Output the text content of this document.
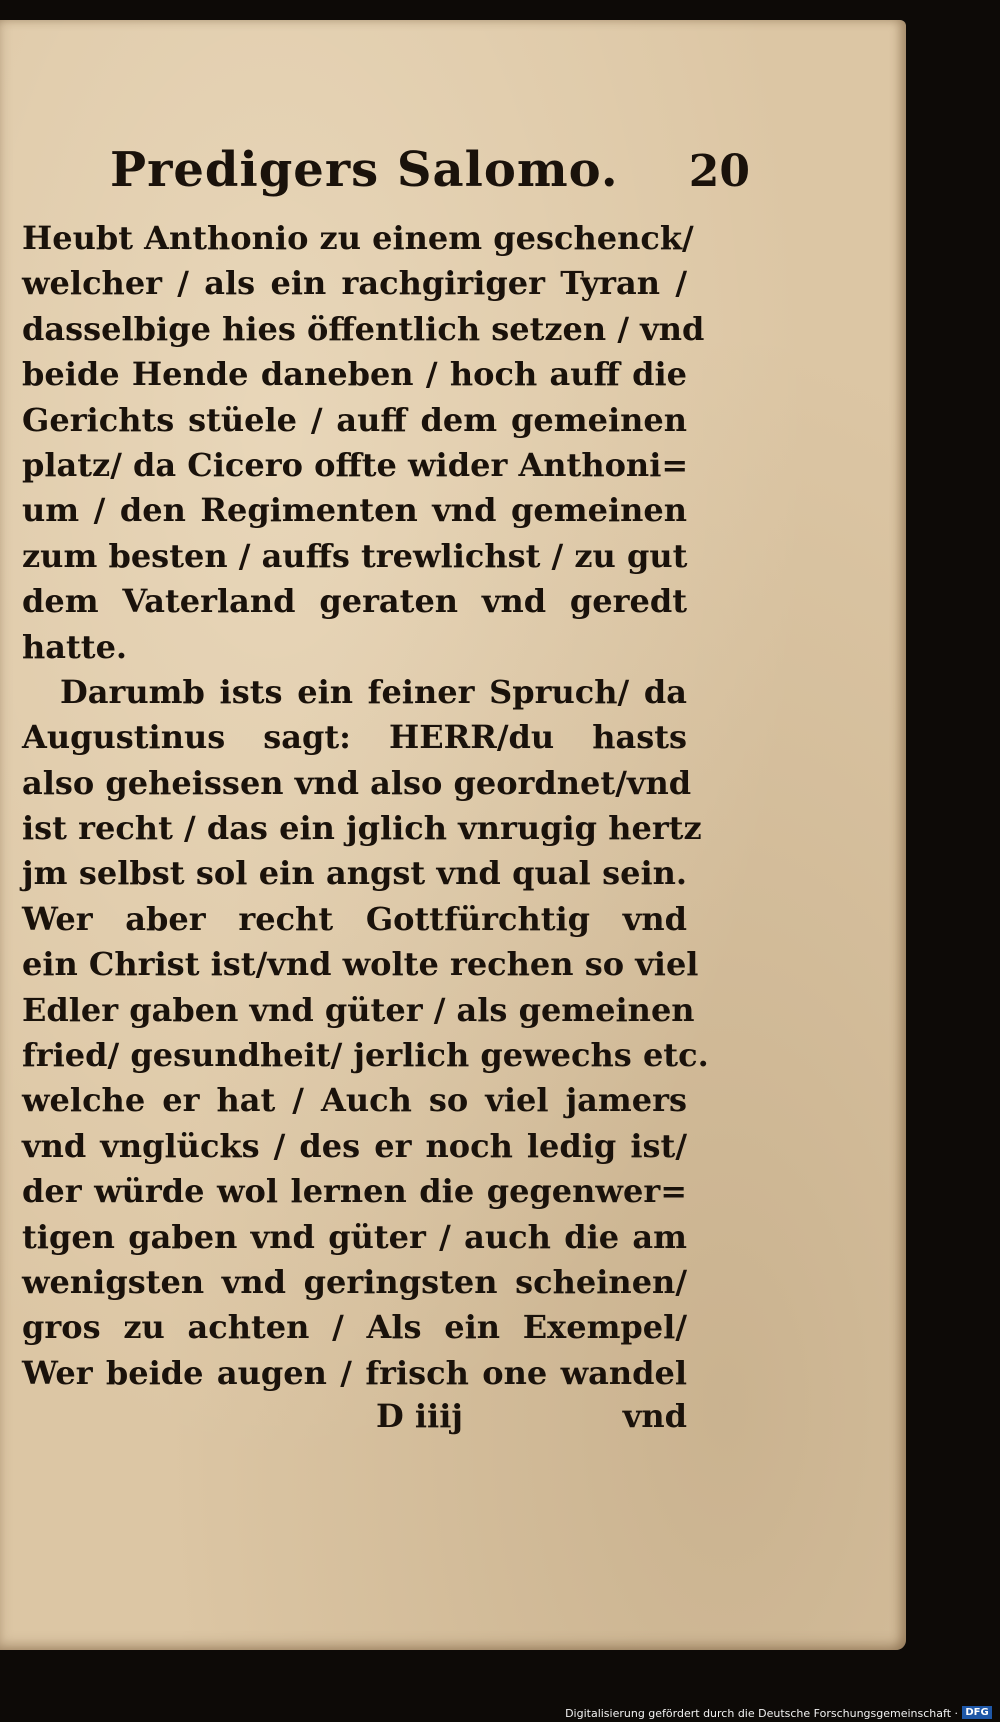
Predigers Salomo. 20
Heubt Anthonio zu einem geschenck/
welcher / als ein rachgiriger Tyran /
dasselbige hies öffentlich setzen / vnd
beide Hende daneben / hoch auff die
Gerichts stüele / auff dem gemeinen
platz/ da Cicero offte wider Anthoni=
um / den Regimenten vnd gemeinen
zum besten / auffs trewlichst / zu gut
dem Vaterland geraten vnd geredt
hatte.
Darumb ists ein feiner Spruch/ da
Augustinus sagt: HERR/du hasts
also geheissen vnd also geordnet/vnd
ist recht / das ein jglich vnrugig hertz
jm selbst sol ein angst vnd qual sein.
Wer aber recht Gottfürchtig vnd
ein Christ ist/vnd wolte rechen so viel
Edler gaben vnd güter / als gemeinen
fried/ gesundheit/ jerlich gewechs etc.
welche er hat / Auch so viel jamers
vnd vnglücks / des er noch ledig ist/
der würde wol lernen die gegenwer=
tigen gaben vnd güter / auch die am
wenigsten vnd geringsten scheinen/
gros zu achten / Als ein Exempel/
Wer beide augen / frisch one wandel
D iiij	vnd
Digitalisierung gefördert durch die Deutsche Forschungsgemeinschaft · DFG
